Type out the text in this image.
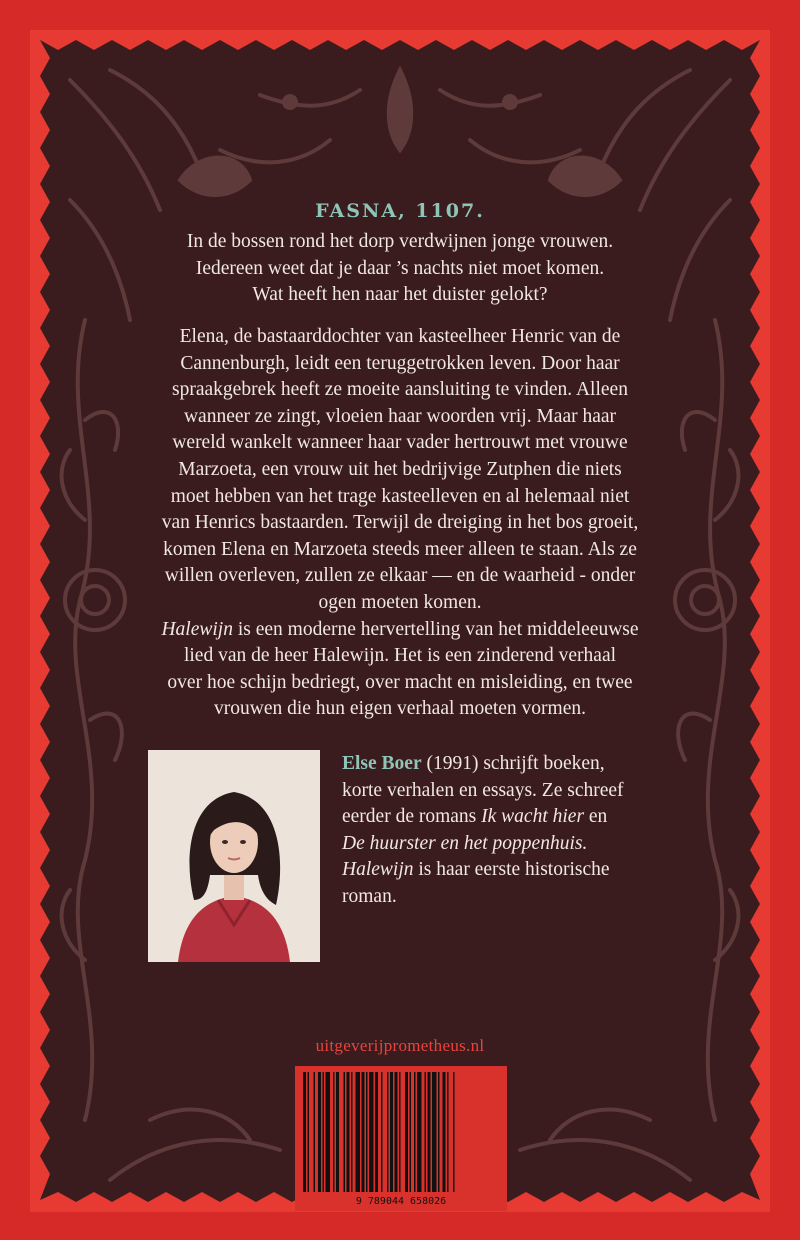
FASNA, 1107.
In de bossen rond het dorp verdwijnen jonge vrouwen.
Iedereen weet dat je daar ’s nachts niet moet komen.
Wat heeft hen naar het duister gelokt?
Elena, de bastaarddochter van kasteelheer Henric van de
Cannenburgh, leidt een teruggetrokken leven. Door haar
spraakgebrek heeft ze moeite aansluiting te vinden. Alleen
wanneer ze zingt, vloeien haar woorden vrij. Maar haar
wereld wankelt wanneer haar vader hertrouwt met vrouwe
Marzoeta, een vrouw uit het bedrijvige Zutphen die niets
moet hebben van het trage kasteelleven en al helemaal niet
van Henrics bastaarden. Terwijl de dreiging in het bos groeit,
komen Elena en Marzoeta steeds meer alleen te staan. Als ze
willen overleven, zullen ze elkaar — en de waarheid - onder
ogen moeten komen.
Halewijn is een moderne hervertelling van het middeleeuwse
lied van de heer Halewijn. Het is een zinderend verhaal
over hoe schijn bedriegt, over macht en misleiding, en twee
vrouwen die hun eigen verhaal moeten vormen.
Else Boer (1991) schrijft boeken,
korte verhalen en essays. Ze schreef
eerder de romans Ik wacht hier en
De huurster en het poppenhuis.
Halewijn is haar eerste historische
roman.
uitgeverijprometheus.nl
9 789044 658026
